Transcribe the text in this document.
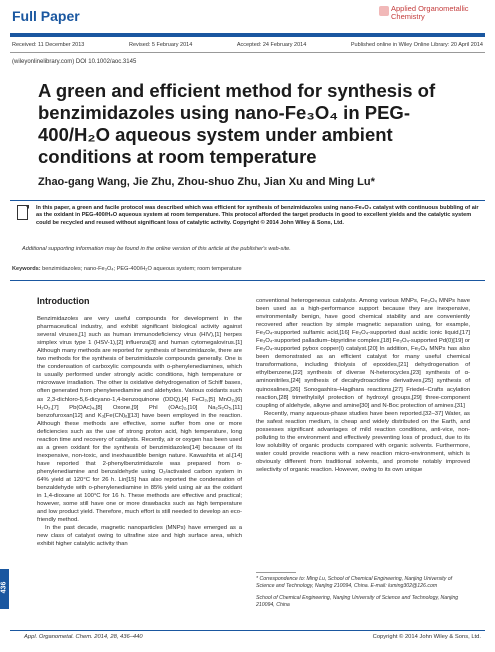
Full Paper	Applied Organometallic Chemistry
Received: 11 December 2013	Revised: 5 February 2014	Accepted: 24 February 2014	Published online in Wiley Online Library: 20 April 2014
(wileyonlinelibrary.com) DOI 10.1002/aoc.3145
A green and efficient method for synthesis of benzimidazoles using nano-Fe₃O₄ in PEG-400/H₂O aqueous system under ambient conditions at room temperature
Zhao-gang Wang, Jie Zhu, Zhou-shuo Zhu, Jian Xu and Ming Lu*

In this paper, a green and facile protocol was described which was efficient for synthesis of benzimidazoles using nano-Fe₃O₄ catalyst with continuous bubbling of air as the oxidant in PEG-400/H₂O aqueous system at room temperature. This protocol afforded the target products in good to excellent yields and the catalytic system could be recycled and reused without significant loss of catalytic activity. Copyright © 2014 John Wiley & Sons, Ltd.

Additional supporting information may be found in the online version of this article at the publisher's web-site.
Keywords: benzimidazoles; nano-Fe₃O₄; PEG-400/H₂O aqueous system; room temperature
Introduction

Benzimidazoles are very useful compounds for development in the pharmaceutical industry, and exhibit significant biological activity against several viruses,[1] such as human immunodeficiency virus (HIV),[1] herpes simplex virus type 1 (HSV-1),[2] influenza[3] and human cytomegalovirus.[1] Although many methods are reported for synthesis of benzimidazole, there are two methods for the synthesis of benzimidazole compounds generally. One is the condensation of carboxylic compounds with o-phenylenediamines, which is usually performed under strongly acidic conditions, high temperature or microwave irradiation. The other is oxidative dehydrogenation of Schiff bases, often generated from phenylenediamine and aldehydes. Various oxidants such as 2,3-dichloro-5,6-dicyano-1,4-benzoquinone (DDQ),[4] FeCl₃,[5] MnO₂,[6] H₂O₂,[7] Pb(OAc)₄,[8] Oxone,[9] PhI (OAc)₂,[10] Na₂S₂O₅,[11] benzofuroxan[12] and K₃[Fe(CN)₆][13] have been employed in the reaction. Although these methods are effective, some suffer from one or more deficiencies such as the use of strong proton acid, high temperature, long reaction time and recovery of catalysts. Recently, air or oxygen has been used as a green oxidant for the synthesis of benzimidazoles[14] because of its inexpensive, non-toxic, and inexhaustible benign nature. Kawashita et al.[14] have reported that 2-phenylbenzimidazole was prepared from o-phenylenediamine and benzaldehyde using O₂/activated carbon system in 64% yield at 120°C for 26 h. Lin[15] has also reported the condensation of benzaldehyde with o-phenylenediamine in 85% yield using air as the oxidant in 1,4-dioxane at 100°C for 16 h. These methods are effective and practical; however, some still have one or more drawbacks such as high temperature and low product yield. Therefore, much effort is still needed to develop an eco-friendly method.

In the past decade, magnetic nanoparticles (MNPs) have emerged as a new class of catalyst owing to ultrafine size and high surface area, which exhibit higher catalytic activity than

conventional heterogeneous catalysts. Among various MNPs, Fe₃O₄ MNPs have been used as a high-performance support because they are inexpensive, environmentally benign, have good chemical stability and are conveniently recovered after reaction by simple magnetic separation using, for example, Fe₃O₄-supported sulfamic acid,[16] Fe₃O₄-supported dual acidic ionic liquid,[17] Fe₃O₄-supported palladium–bipyridine complex,[18] Fe₃O₄-supported Pd(0)[19] or Fe₃O₄-supported pybox copper(I) catalyst.[20] In addition, Fe₃O₄ MNPs has also been demonstrated as an efficient catalyst for many useful chemical transformations, including thiolysis of epoxides,[21] dehydrogenation of ethylbenzene,[22] synthesis of diverse N-heterocycles,[23] synthesis of α-aminonitriles,[24] synthesis of decahydroacridine derivatives,[25] synthesis of quinoxalines,[26] Sonogashira–Hagihara reactions,[27] Friedel–Crafts acylation reaction,[28] trimethylsilyl protection of hydroxyl groups,[29] three-component coupling of aldehyde, alkyne and amine[30] and N-Boc protection of amines.[31]

Recently, many aqueous-phase studies have been reported.[32–37] Water, as the safest reaction medium, is cheap and widely distributed on the Earth, and possesses significant advantages of mild reaction conditions, anti-vice, non-polluting to the environment and effectively preventing loss of product, due to its low solubility of organic products compared with organic solvents. Furthermore, water could provide reactions with a new reaction micro-environment, which is obviously different from traditional solvents, and promote notably improved selectivity of organic reaction. However, owing to its own unique

* Correspondence to: Ming Lu, School of Chemical Engineering, Nanjing University of Science and Technology, Nanjing 210094, China. E-mail: luming302@126.com

School of Chemical Engineering, Nanjing University of Science and Technology, Nanjing 210094, China

436
Appl. Organometal. Chem. 2014, 28, 436–440	Copyright © 2014 John Wiley & Sons, Ltd.
